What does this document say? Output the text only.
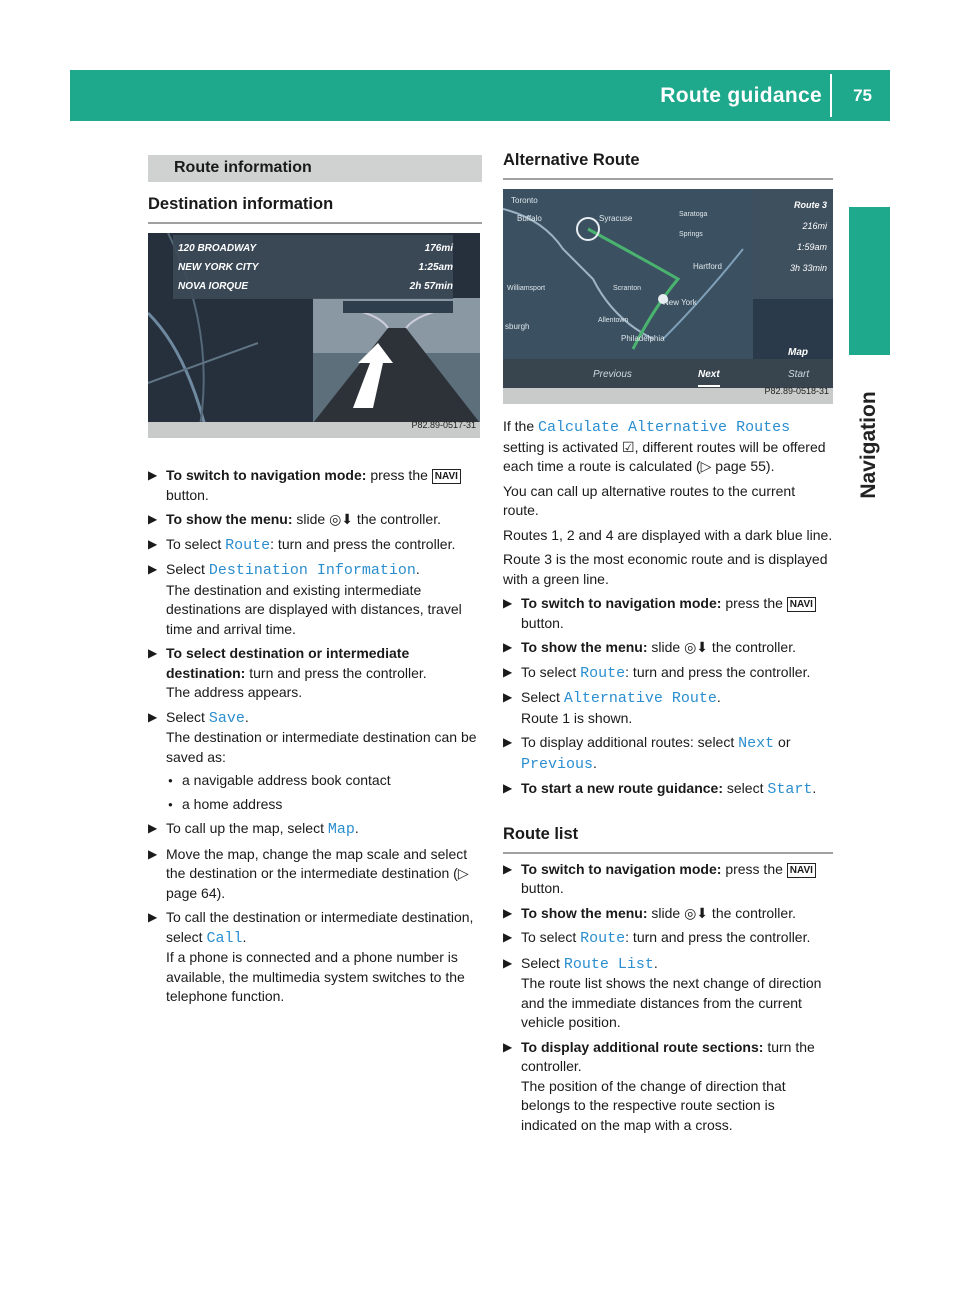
Route guidance 75
Navigation
Route information
Destination information
120 BROADWAY	176mi
NEW YORK CITY	1:25am
NOVA IORQUE	2h 57min
P82.89-0517-31
▶ To switch to navigation mode: press the NAVI button.
▶ To show the menu: slide ◎⬇ the controller.
▶ To select Route: turn and press the controller.
▶ Select Destination Information.
The destination and existing intermediate destinations are displayed with distances, travel time and arrival time.
▶ To select destination or intermediate destination: turn and press the controller.
The address appears.
▶ Select Save.
The destination or intermediate destination can be saved as:
● a navigable address book contact
● a home address
▶ To call up the map, select Map.
▶ Move the map, change the map scale and select the destination or the intermediate destination (▷ page 64).
▶ To call the destination or intermediate destination, select Call.
If a phone is connected and a phone number is available, the multimedia system switches to the telephone function.
Alternative Route
Route 3
216mi
1:59am
3h 33min
Toronto
Buffalo	Syracuse	Saratoga Springs
Hartford
Williamsport	Scranton
New York
Allentown
Philadelphia
sburgh
Previous	Next	Start
Map
P82.89-0518-31

If the Calculate Alternative Routes setting is activated ☑, different routes will be offered each time a route is calculated (▷ page 55).

You can call up alternative routes to the current route.

Routes 1, 2 and 4 are displayed with a dark blue line.

Route 3 is the most economic route and is displayed with a green line.

▶ To switch to navigation mode: press the NAVI button.
▶ To show the menu: slide ◎⬇ the controller.
▶ To select Route: turn and press the controller.
▶ Select Alternative Route.
Route 1 is shown.
▶ To display additional routes: select Next or Previous.
▶ To start a new route guidance: select Start.
Route list
▶ To switch to navigation mode: press the NAVI button.
▶ To show the menu: slide ◎⬇ the controller.
▶ To select Route: turn and press the controller.
▶ Select Route List.
The route list shows the next change of direction and the immediate distances from the current vehicle position.
▶ To display additional route sections: turn the controller.
The position of the change of direction that belongs to the respective route section is indicated on the map with a cross.
